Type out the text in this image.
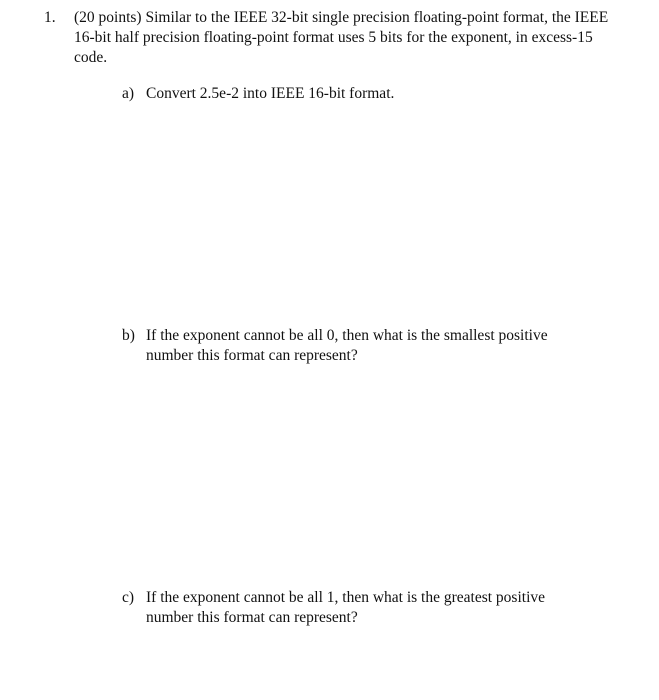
1.	(20 points) Similar to the IEEE 32-bit single precision floating-point format, the IEEE 16-bit half precision floating-point format uses 5 bits for the exponent, in excess-15 code.
a) Convert 2.5e-2 into IEEE 16-bit format.
b) If the exponent cannot be all 0, then what is the smallest positive number this format can represent?
c) If the exponent cannot be all 1, then what is the greatest positive number this format can represent?
